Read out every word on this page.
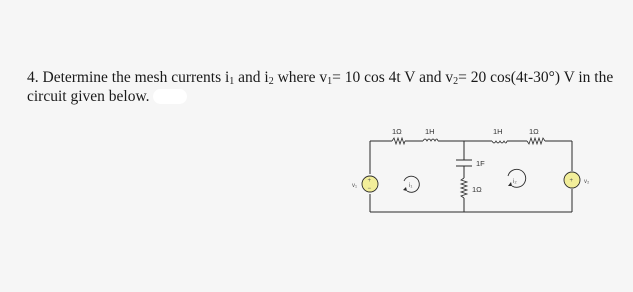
4. Determine the mesh currents $i_1$ and $i_2$ where $v_1= 10$ cos 4t V and $v_2= 20$ cos(4t-30°) V in the
circuit given below.

1Ω	1H	1H	1Ω
1F
1Ω
+
−
v₁
+ v₂
i₁
i₂
